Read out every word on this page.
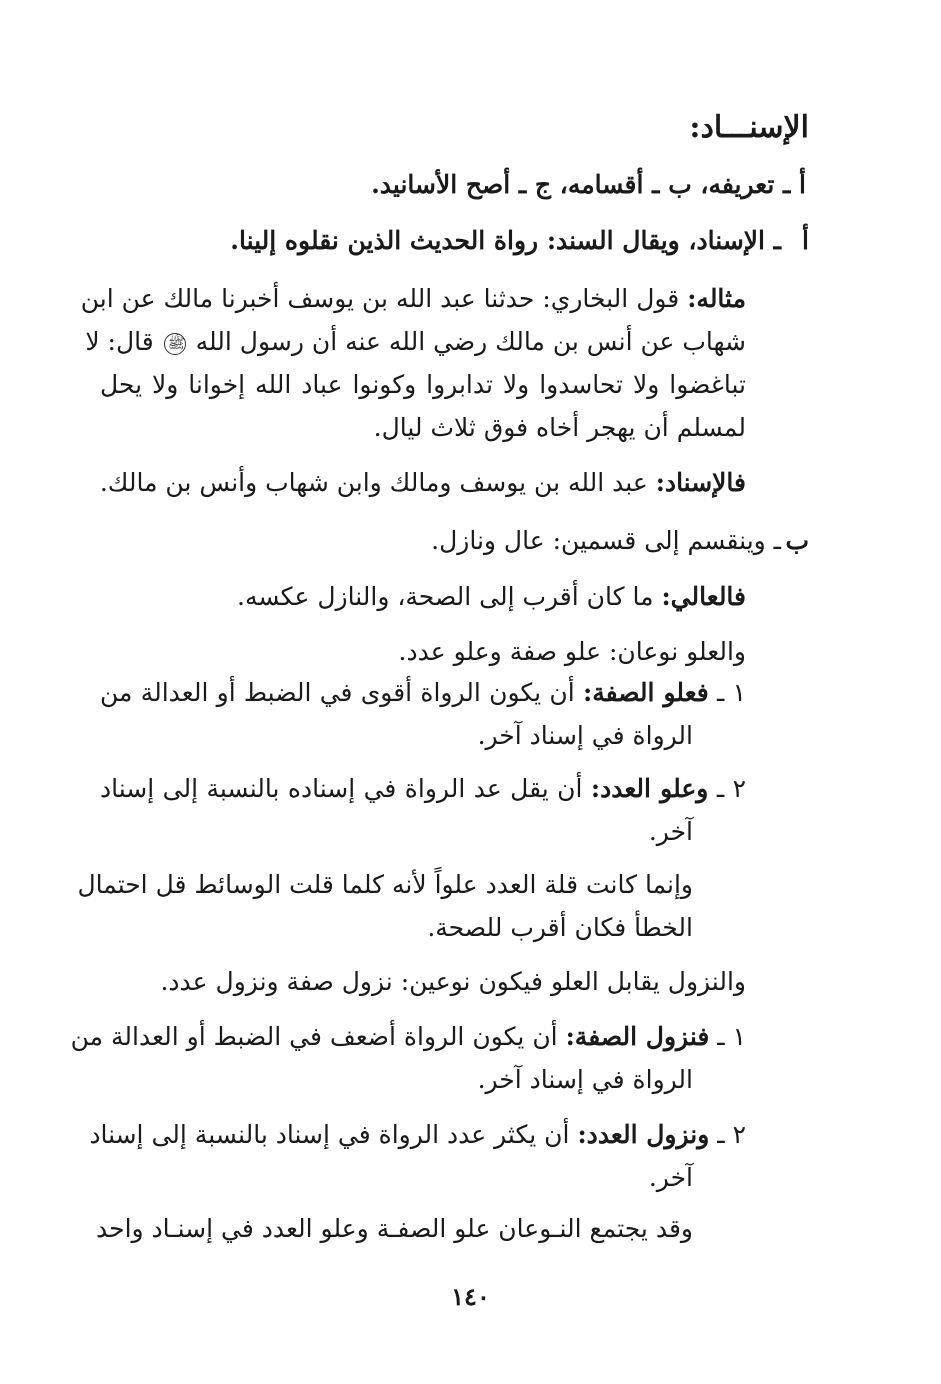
الإسنـــاد:
أ ـ تعريفه، ب ـ أقسامه، ج ـ أصح الأسانيد.
أ
ـ الإسناد، ويقال السند: رواة الحديث الذين نقلوه إلينا.
مثاله: قول البخاري: حدثنا عبد الله بن يوسف أخبرنا مالك عن ابن
شهاب عن أنس بن مالك رضي الله عنه أن رسول الله ﷺ قال: لا
تباغضوا ولا تحاسدوا ولا تدابروا وكونوا عباد الله إخوانا ولا يحل
لمسلم أن يهجر أخاه فوق ثلاث ليال.
فالإسناد: عبد الله بن يوسف ومالك وابن شهاب وأنس بن مالك.
ب
ـ وينقسم إلى قسمين: عال ونازل.
فالعالي: ما كان أقرب إلى الصحة، والنازل عكسه.
والعلو نوعان: علو صفة وعلو عدد.
١ ـ فعلو الصفة: أن يكون الرواة أقوى في الضبط أو العدالة من
الرواة في إسناد آخر.
٢ ـ وعلو العدد: أن يقل عد الرواة في إسناده بالنسبة إلى إسناد
آخر.
وإنما كانت قلة العدد علواً لأنه كلما قلت الوسائط قل احتمال
الخطأ فكان أقرب للصحة.
والنزول يقابل العلو فيكون نوعين: نزول صفة ونزول عدد.
١ ـ فنزول الصفة: أن يكون الرواة أضعف في الضبط أو العدالة من
الرواة في إسناد آخر.
٢ ـ ونزول العدد: أن يكثر عدد الرواة في إسناد بالنسبة إلى إسناد
آخر.
وقد يجتمع النـوعان علو الصفـة وعلو العدد في إسنـاد واحد
١٤٠
